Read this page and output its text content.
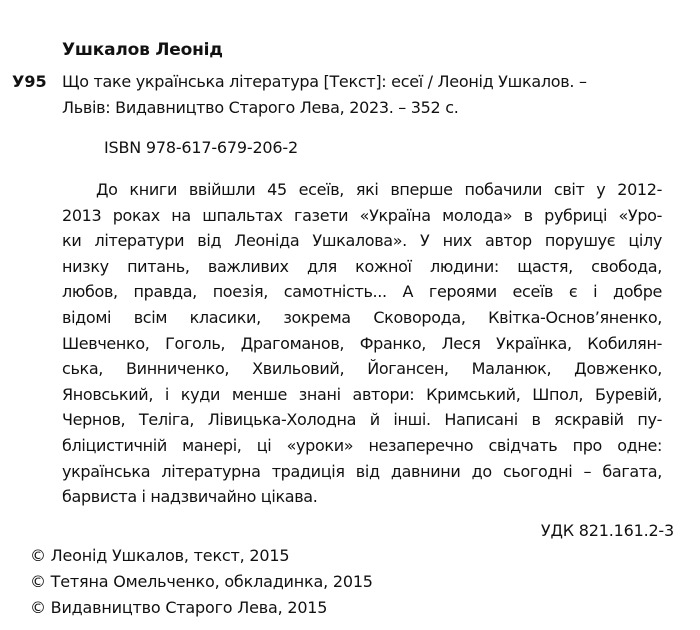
Ушкалов Леонід
У95 Що таке українська література [Текст]: есеї / Леонід Ушкалов. –
Львів: Видавництво Старого Лева, 2023. – 352 с.
ISBN 978-617-679-206-2
До книги ввійшли 45 есеїв, які вперше побачили світ у 2012-
2013 роках на шпальтах газети «Україна молода» в рубриці «Уро-
ки літератури від Леоніда Ушкалова». У них автор порушує цілу
низку питань, важливих для кожної людини: щастя, свобода,
любов, правда, поезія, самотність... А героями есеїв є і добре
відомі всім класики, зокрема Сковорода, Квітка-Основ’яненко,
Шевченко, Гоголь, Драгоманов, Франко, Леся Українка, Кобилян-
ська, Винниченко, Хвильовий, Йогансен, Маланюк, Довженко,
Яновський, і куди менше знані автори: Кримський, Шпол, Буревій,
Чернов, Теліга, Лівицька-Холодна й інші. Написані в яскравій пу-
бліцистичній манері, ці «уроки» незаперечно свідчать про одне:
українська літературна традиція від давнини до сьогодні – багата,
барвиста і надзвичайно цікава.
УДК 821.161.2-3
© Леонід Ушкалов, текст, 2015
© Тетяна Омельченко, обкладинка, 2015
© Видавництво Старого Лева, 2015
